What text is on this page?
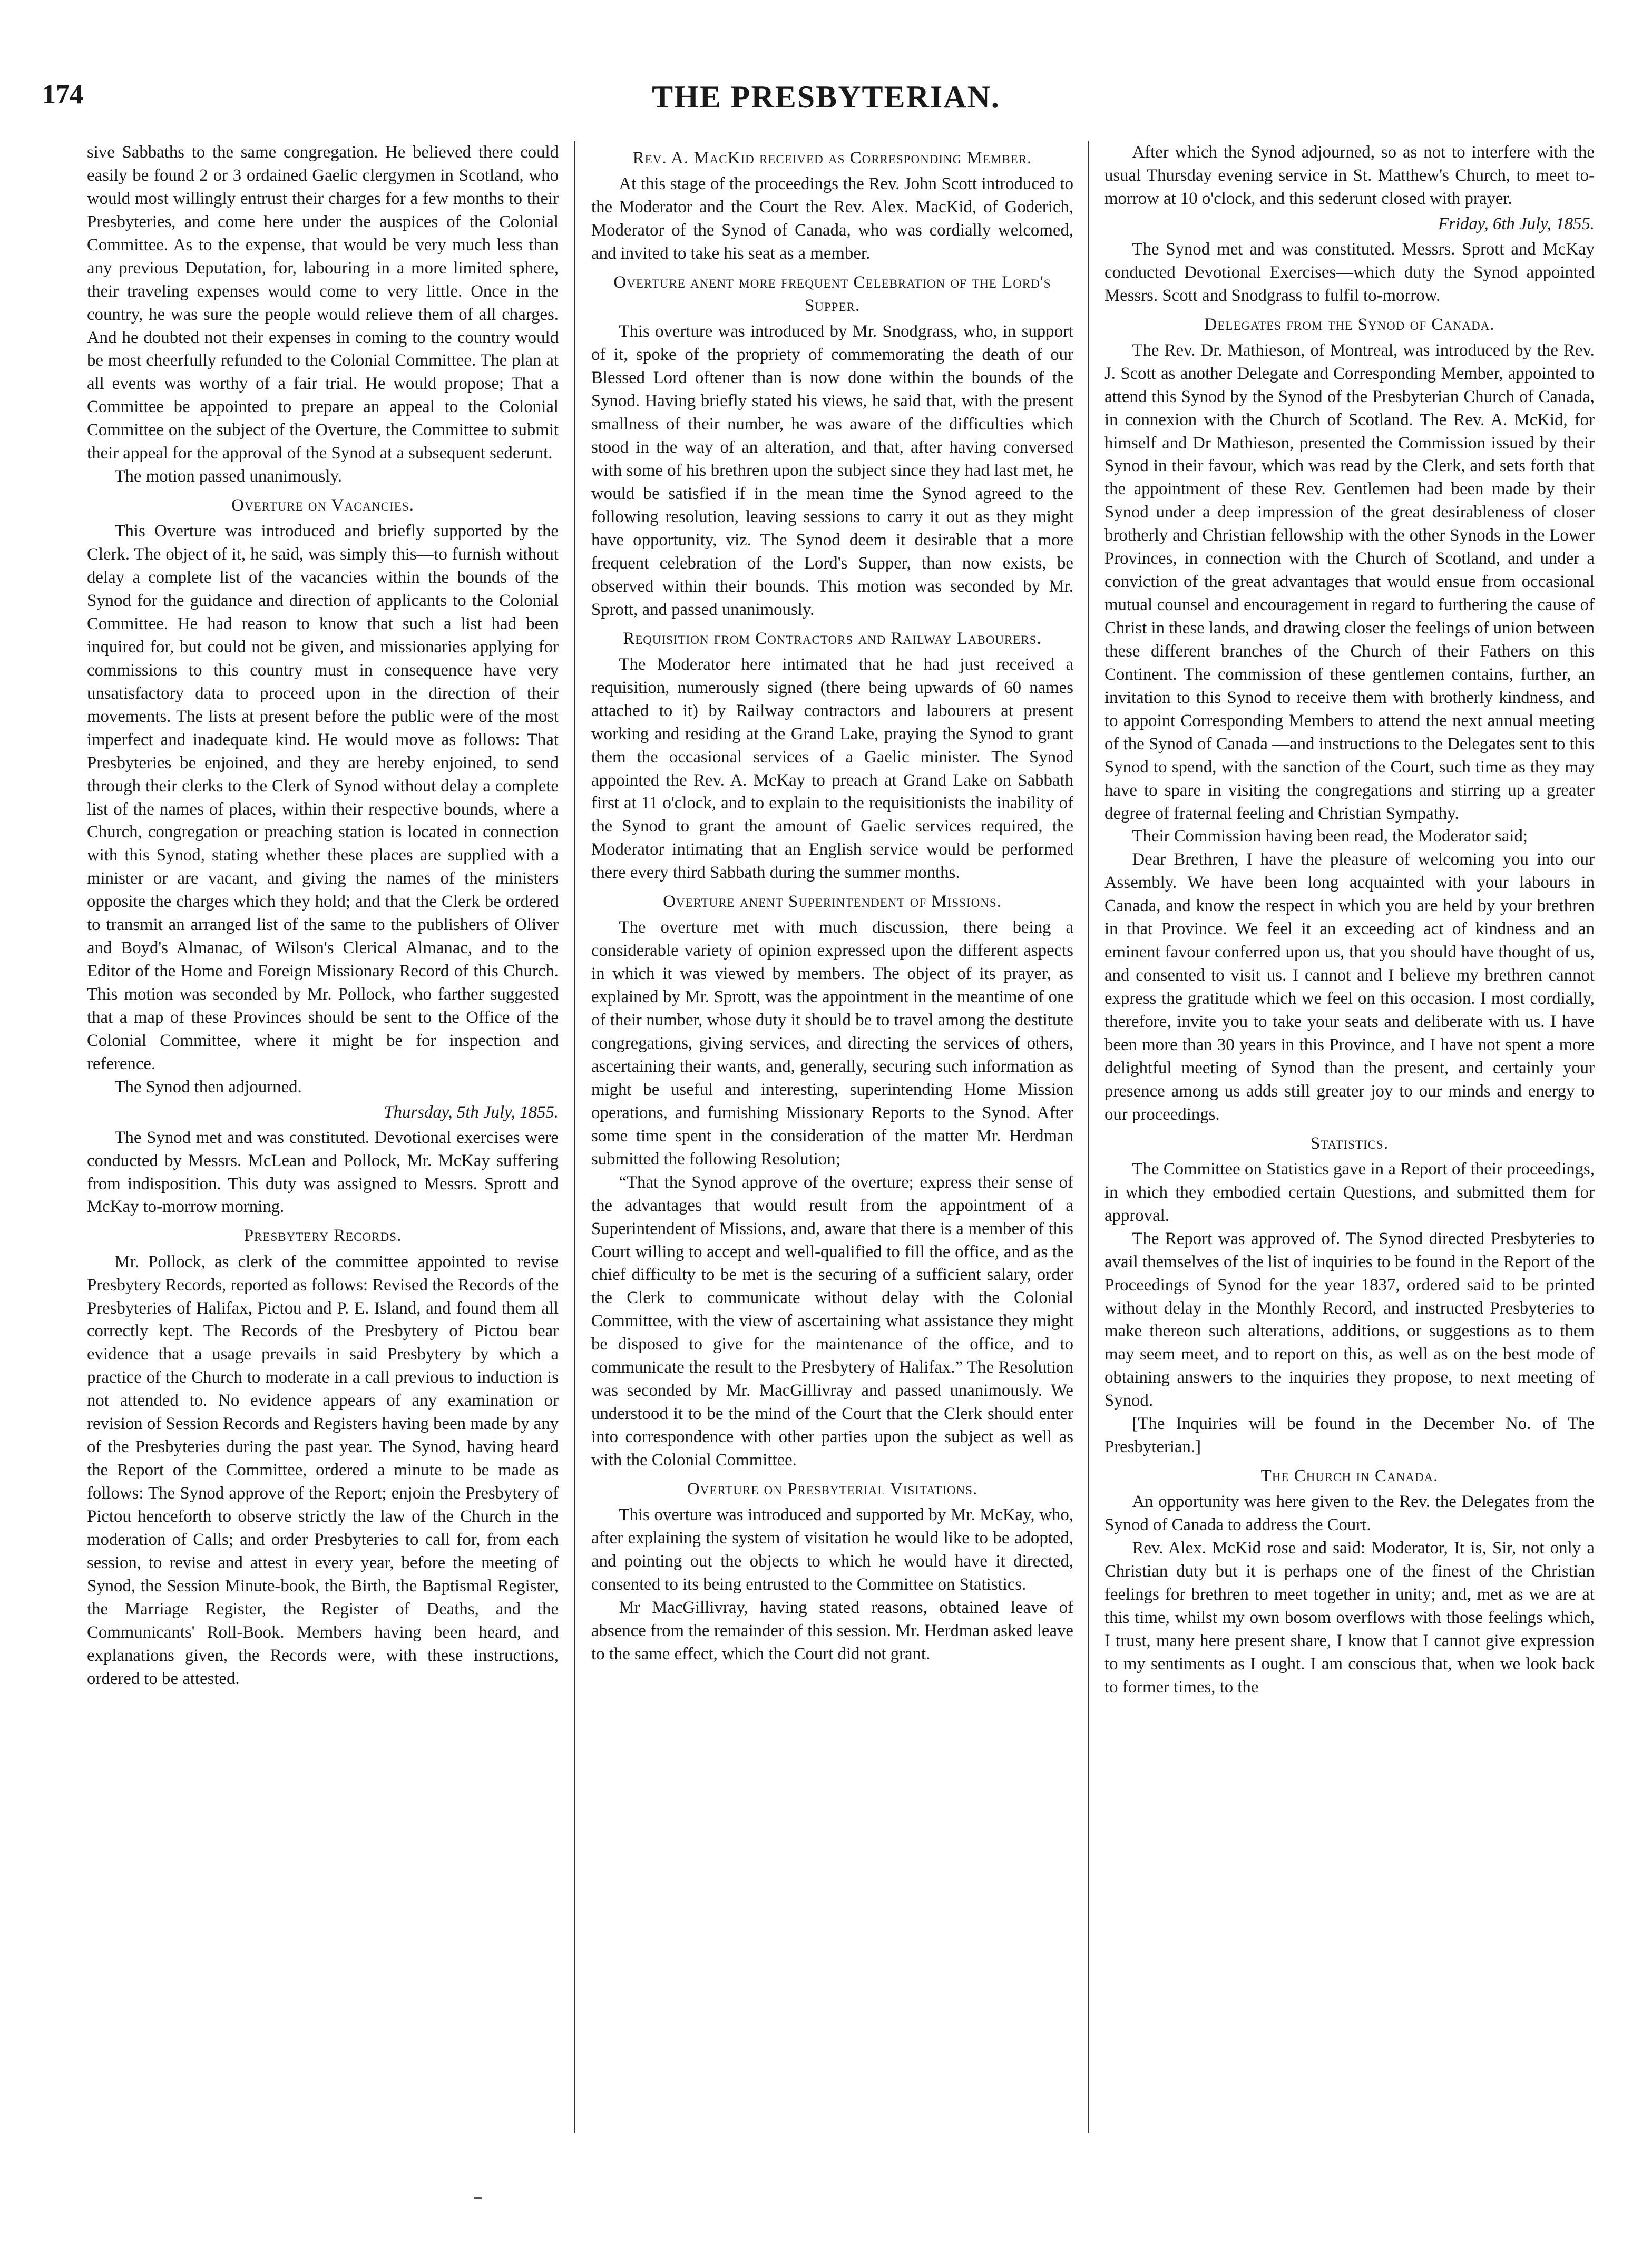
174	THE PRESBYTERIAN.

sive Sabbaths to the same congregation. He believed there could easily be found 2 or 3 ordained Gaelic clergymen in Scotland, who would most willingly entrust their charges for a few months to their Presbyteries, and come here under the auspices of the Colonial Committee. As to the expense, that would be very much less than any previous Deputation, for, labouring in a more limited sphere, their traveling expenses would come to very little. Once in the country, he was sure the people would relieve them of all charges. And he doubted not their expenses in coming to the country would be most cheerfully refunded to the Colonial Committee. The plan at all events was worthy of a fair trial. He would propose; That a Committee be appointed to prepare an appeal to the Colonial Committee on the subject of the Overture, the Committee to submit their appeal for the approval of the Synod at a subsequent sederunt.

The motion passed unanimously.

Overture on Vacancies.

This Overture was introduced and briefly supported by the Clerk. The object of it, he said, was simply this—to furnish without delay a complete list of the vacancies within the bounds of the Synod for the guidance and direction of applicants to the Colonial Committee. He had reason to know that such a list had been inquired for, but could not be given, and missionaries applying for commissions to this country must in consequence have very unsatisfactory data to proceed upon in the direction of their movements. The lists at present before the public were of the most imperfect and inadequate kind. He would move as follows: That Presbyteries be enjoined, and they are hereby enjoined, to send through their clerks to the Clerk of Synod without delay a complete list of the names of places, within their respective bounds, where a Church, congregation or preaching station is located in connection with this Synod, stating whether these places are supplied with a minister or are vacant, and giving the names of the ministers opposite the charges which they hold; and that the Clerk be ordered to transmit an arranged list of the same to the publishers of Oliver and Boyd's Almanac, of Wilson's Clerical Almanac, and to the Editor of the Home and Foreign Missionary Record of this Church. This motion was seconded by Mr. Pollock, who farther suggested that a map of these Provinces should be sent to the Office of the Colonial Committee, where it might be for inspection and reference.

The Synod then adjourned.

Thursday, 5th July, 1855.

The Synod met and was constituted. Devotional exercises were conducted by Messrs. McLean and Pollock, Mr. McKay suffering from indisposition. This duty was assigned to Messrs. Sprott and McKay to-morrow morning.

Presbytery Records.

Mr. Pollock, as clerk of the committee appointed to revise Presbytery Records, reported as follows: Revised the Records of the Presbyteries of Halifax, Pictou and P. E. Island, and found them all correctly kept. The Records of the Presbytery of Pictou bear evidence that a usage prevails in said Presbytery by which a practice of the Church to moderate in a call previous to induction is not attended to. No evidence appears of any examination or revision of Session Records and Registers having been made by any of the Presbyteries during the past year. The Synod, having heard the Report of the Committee, ordered a minute to be made as follows: The Synod approve of the Report; enjoin the Presbytery of Pictou henceforth to observe strictly the law of the Church in the moderation of Calls; and order Presbyteries to call for, from each session, to revise and attest in every year, before the meeting of Synod, the Session Minute-book, the Birth, the Baptismal Register, the Marriage Register, the Register of Deaths, and the Communicants' Roll-Book. Members having been heard, and explanations given, the Records were, with these instructions, ordered to be attested.

Rev. A. MacKid received as Corresponding Member.

At this stage of the proceedings the Rev. John Scott introduced to the Moderator and the Court the Rev. Alex. MacKid, of Goderich, Moderator of the Synod of Canada, who was cordially welcomed, and invited to take his seat as a member.

Overture anent more frequent Celebration of the Lord's Supper.

This overture was introduced by Mr. Snodgrass, who, in support of it, spoke of the propriety of commemorating the death of our Blessed Lord oftener than is now done within the bounds of the Synod. Having briefly stated his views, he said that, with the present smallness of their number, he was aware of the difficulties which stood in the way of an alteration, and that, after having conversed with some of his brethren upon the subject since they had last met, he would be satisfied if in the mean time the Synod agreed to the following resolution, leaving sessions to carry it out as they might have opportunity, viz. The Synod deem it desirable that a more frequent celebration of the Lord's Supper, than now exists, be observed within their bounds. This motion was seconded by Mr. Sprott, and passed unanimously.

Requisition from Contractors and Railway Labourers.

The Moderator here intimated that he had just received a requisition, numerously signed (there being upwards of 60 names attached to it) by Railway contractors and labourers at present working and residing at the Grand Lake, praying the Synod to grant them the occasional services of a Gaelic minister. The Synod appointed the Rev. A. McKay to preach at Grand Lake on Sabbath first at 11 o'clock, and to explain to the requisitionists the inability of the Synod to grant the amount of Gaelic services required, the Moderator intimating that an English service would be performed there every third Sabbath during the summer months.

Overture anent Superintendent of Missions.

The overture met with much discussion, there being a considerable variety of opinion expressed upon the different aspects in which it was viewed by members. The object of its prayer, as explained by Mr. Sprott, was the appointment in the meantime of one of their number, whose duty it should be to travel among the destitute congregations, giving services, and directing the services of others, ascertaining their wants, and, generally, securing such information as might be useful and interesting, superintending Home Mission operations, and furnishing Missionary Reports to the Synod. After some time spent in the consideration of the matter Mr. Herdman submitted the following Resolution;

“That the Synod approve of the overture; express their sense of the advantages that would result from the appointment of a Superintendent of Missions, and, aware that there is a member of this Court willing to accept and well-qualified to fill the office, and as the chief difficulty to be met is the securing of a sufficient salary, order the Clerk to communicate without delay with the Colonial Committee, with the view of ascertaining what assistance they might be disposed to give for the maintenance of the office, and to communicate the result to the Presbytery of Halifax.” The Resolution was seconded by Mr. MacGillivray and passed unanimously. We understood it to be the mind of the Court that the Clerk should enter into correspondence with other parties upon the subject as well as with the Colonial Committee.

Overture on Presbyterial Visitations.

This overture was introduced and supported by Mr. McKay, who, after explaining the system of visitation he would like to be adopted, and pointing out the objects to which he would have it directed, consented to its being entrusted to the Committee on Statistics.

Mr MacGillivray, having stated reasons, obtained leave of absence from the remainder of this session. Mr. Herdman asked leave to the same effect, which the Court did not grant.

After which the Synod adjourned, so as not to interfere with the usual Thursday evening service in St. Matthew's Church, to meet to-morrow at 10 o'clock, and this sederunt closed with prayer.

Friday, 6th July, 1855.

The Synod met and was constituted. Messrs. Sprott and McKay conducted Devotional Exercises—which duty the Synod appointed Messrs. Scott and Snodgrass to fulfil to-morrow.

Delegates from the Synod of Canada.

The Rev. Dr. Mathieson, of Montreal, was introduced by the Rev. J. Scott as another Delegate and Corresponding Member, appointed to attend this Synod by the Synod of the Presbyterian Church of Canada, in connexion with the Church of Scotland. The Rev. A. McKid, for himself and Dr Mathieson, presented the Commission issued by their Synod in their favour, which was read by the Clerk, and sets forth that the appointment of these Rev. Gentlemen had been made by their Synod under a deep impression of the great desirableness of closer brotherly and Christian fellowship with the other Synods in the Lower Provinces, in connection with the Church of Scotland, and under a conviction of the great advantages that would ensue from occasional mutual counsel and encouragement in regard to furthering the cause of Christ in these lands, and drawing closer the feelings of union between these different branches of the Church of their Fathers on this Continent. The commission of these gentlemen contains, further, an invitation to this Synod to receive them with brotherly kindness, and to appoint Corresponding Members to attend the next annual meeting of the Synod of Canada —and instructions to the Delegates sent to this Synod to spend, with the sanction of the Court, such time as they may have to spare in visiting the congregations and stirring up a greater degree of fraternal feeling and Christian Sympathy.

Their Commission having been read, the Moderator said;

Dear Brethren, I have the pleasure of welcoming you into our Assembly. We have been long acquainted with your labours in Canada, and know the respect in which you are held by your brethren in that Province. We feel it an exceeding act of kindness and an eminent favour conferred upon us, that you should have thought of us, and consented to visit us. I cannot and I believe my brethren cannot express the gratitude which we feel on this occasion. I most cordially, therefore, invite you to take your seats and deliberate with us. I have been more than 30 years in this Province, and I have not spent a more delightful meeting of Synod than the present, and certainly your presence among us adds still greater joy to our minds and energy to our proceedings.

Statistics.

The Committee on Statistics gave in a Report of their proceedings, in which they embodied certain Questions, and submitted them for approval.

The Report was approved of. The Synod directed Presbyteries to avail themselves of the list of inquiries to be found in the Report of the Proceedings of Synod for the year 1837, ordered said to be printed without delay in the Monthly Record, and instructed Presbyteries to make thereon such alterations, additions, or suggestions as to them may seem meet, and to report on this, as well as on the best mode of obtaining answers to the inquiries they propose, to next meeting of Synod.

[The Inquiries will be found in the December No. of The Presbyterian.]

The Church in Canada.

An opportunity was here given to the Rev. the Delegates from the Synod of Canada to address the Court.

Rev. Alex. McKid rose and said: Moderator, It is, Sir, not only a Christian duty but it is perhaps one of the finest of the Christian feelings for brethren to meet together in unity; and, met as we are at this time, whilst my own bosom overflows with those feelings which, I trust, many here present share, I know that I cannot give expression to my sentiments as I ought. I am conscious that, when we look back to former times, to the
